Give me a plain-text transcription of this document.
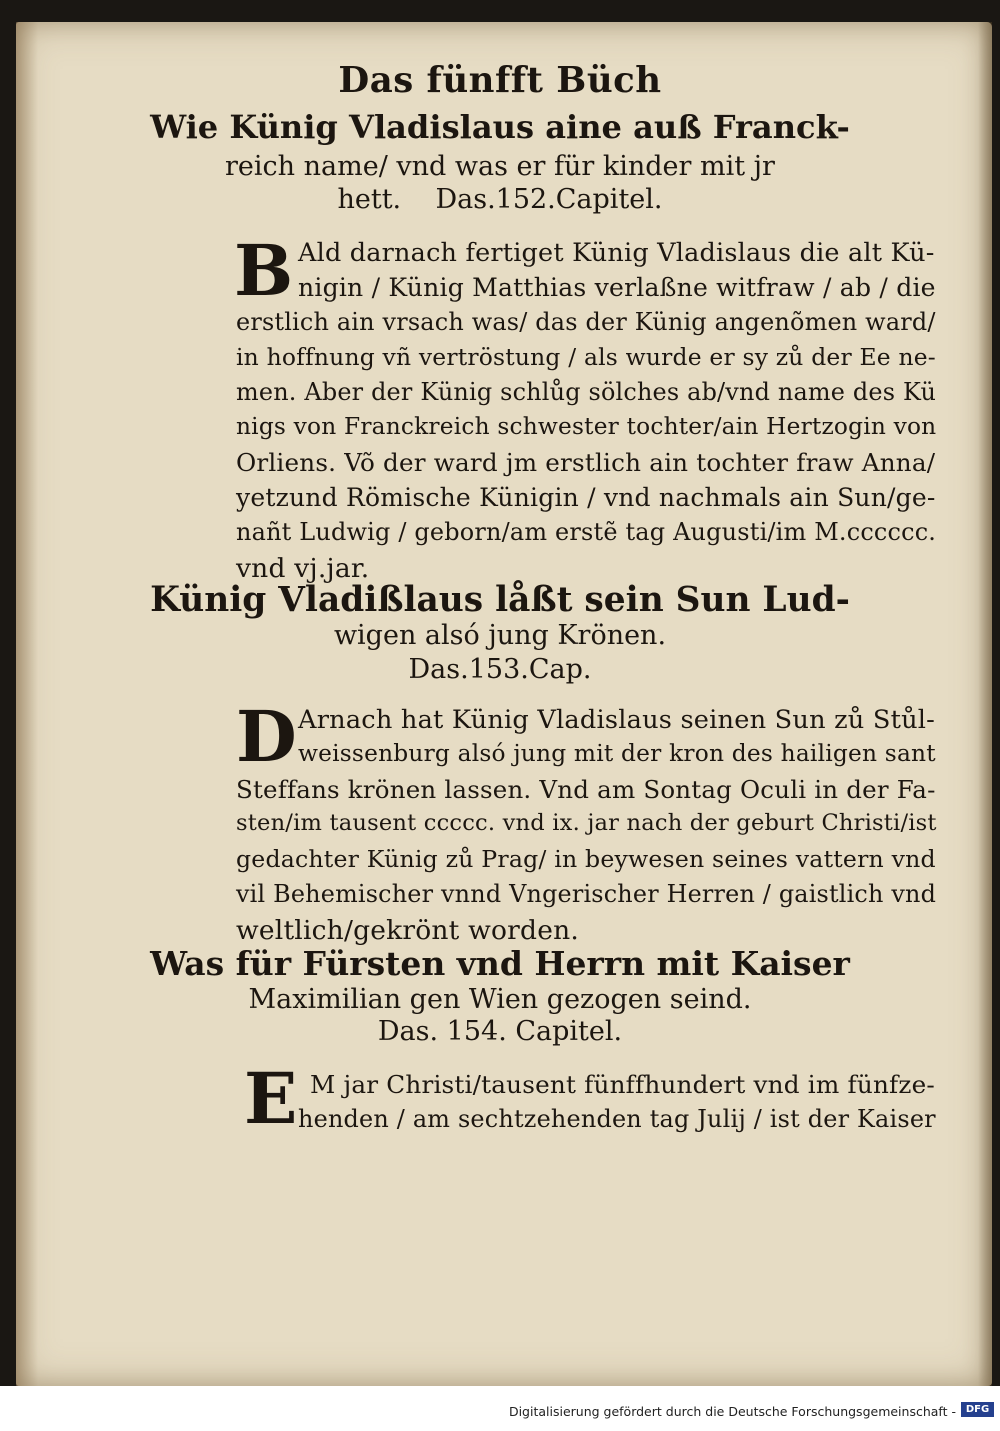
Das fünfft Büch
Wie Künig Vladislaus aine auß Franck-
reich name/ vnd was er für kinder mit jr
hett.    Das.152.Capitel.
B Ald darnach fertiget Künig Vladislaus die alt Kü-
nigin / Künig Matthias verlaßne witfraw / ab / die
erstlich ain vrsach was/ das der Künig angenõmen ward/
in hoffnung vñ vertröstung / als wurde er sy zů der Ee ne-
men. Aber der Künig schlůg sölches ab/vnd name des Kü
nigs von Franckreich schwester tochter/ain Hertzogin von
Orliens. Võ der ward jm erstlich ain tochter fraw Anna/
yetzund Römische Künigin / vnd nachmals ain Sun/ge-
nañt Ludwig / geborn/am erstẽ tag Augusti/im M.cccccc.
vnd vj.jar.
Künig Vladißlaus låßt sein Sun Lud-
wigen alsó jung Krönen.
Das.153.Cap.
D Arnach hat Künig Vladislaus seinen Sun zů Stůl-
weissenburg alsó jung mit der kron des hailigen sant
Steffans krönen lassen. Vnd am Sontag Oculi in der Fa-
sten/im tausent ccccc. vnd ix. jar nach der geburt Christi/ist
gedachter Künig zů Prag/ in beywesen seines vattern vnd
vil Behemischer vnnd Vngerischer Herren / gaistlich vnd
weltlich/gekrönt worden.
Was für Fürsten vnd Herrn mit Kaiser
Maximilian gen Wien gezogen seind.
Das. 154. Capitel.
E M jar Christi/tausent fünffhundert vnd im fünfze-
henden / am sechtzehenden tag Julij / ist der Kaiser
Digitalisierung gefördert durch die Deutsche Forschungsgemeinschaft - DFG
